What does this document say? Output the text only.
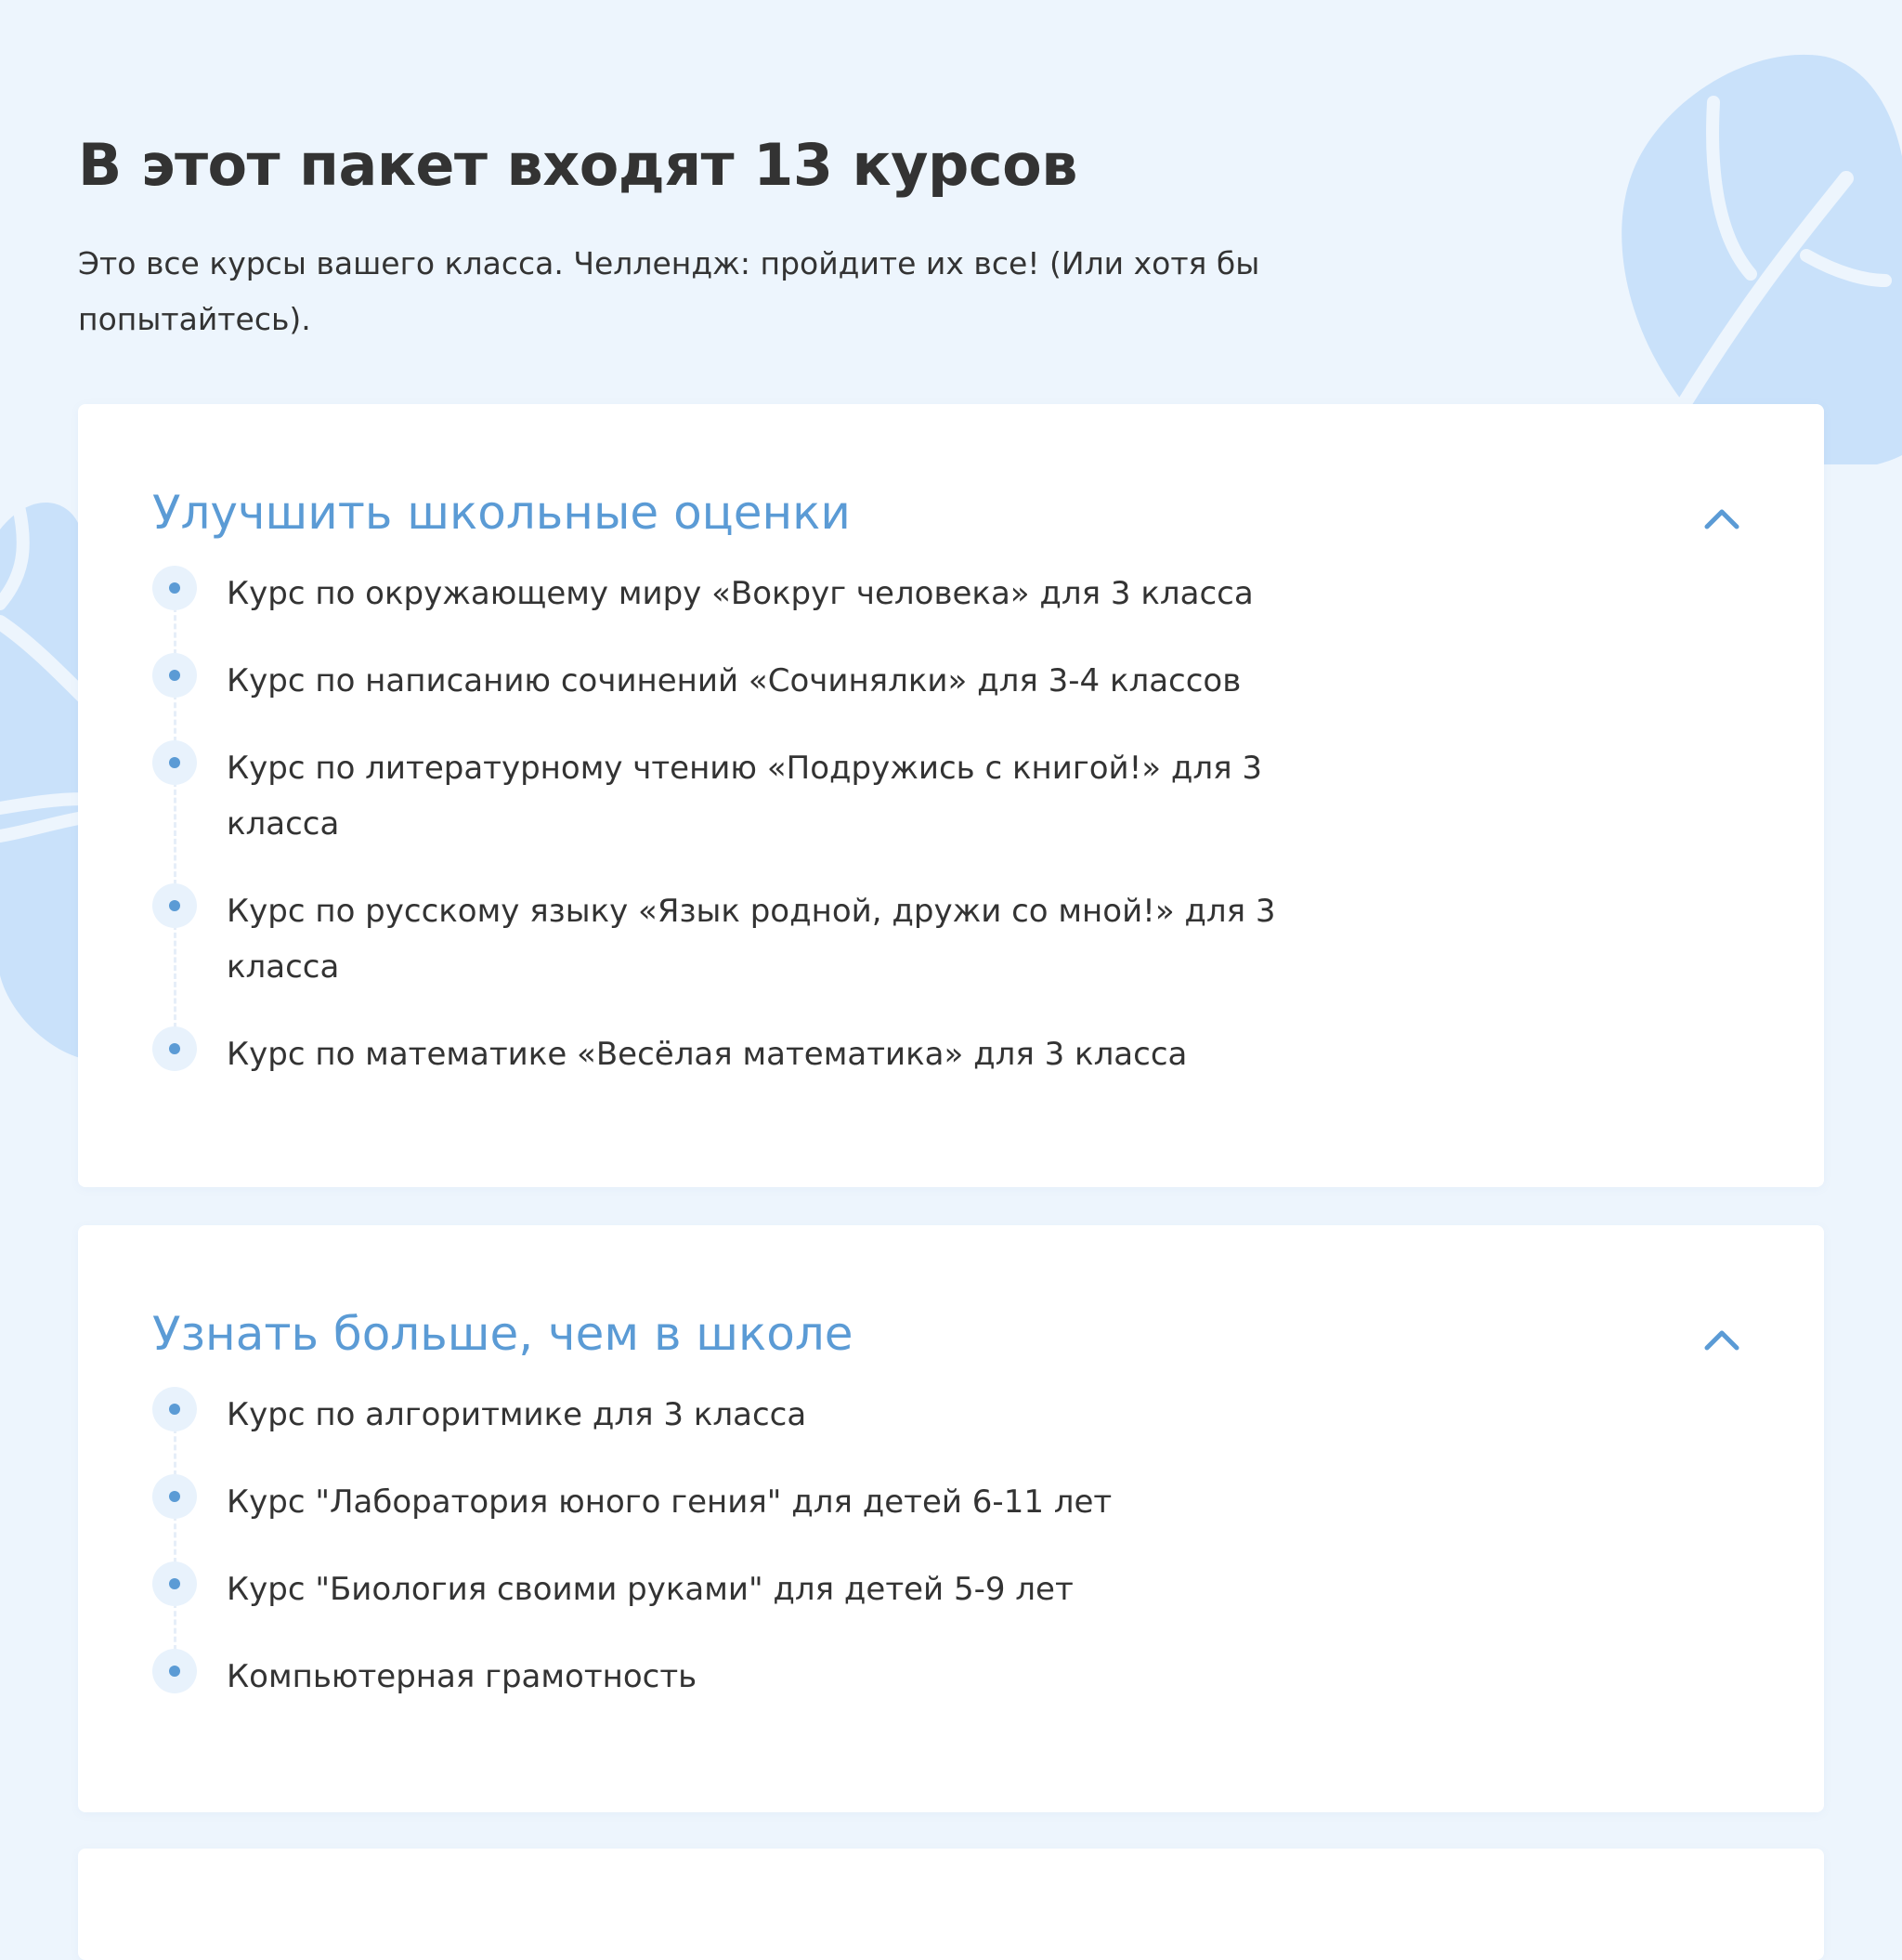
В этот пакет входят 13 курсов

Это все курсы вашего класса. Челлендж: пройдите их все! (Или хотя бы попытайтесь).

Улучшить школьные оценки
Курс по окружающему миру «Вокруг человека» для 3 класса
Курс по написанию сочинений «Сочинялки» для 3-4 классов
Курс по литературному чтению «Подружись с книгой!» для 3 класса
Курс по русскому языку «Язык родной, дружи со мной!» для 3 класса
Курс по математике «Весёлая математика» для 3 класса
Узнать больше, чем в школе
Курс по алгоритмике для 3 класса
Курс "Лаборатория юного гения" для детей 6-11 лет
Курс "Биология своими руками" для детей 5-9 лет
Компьютерная грамотность
